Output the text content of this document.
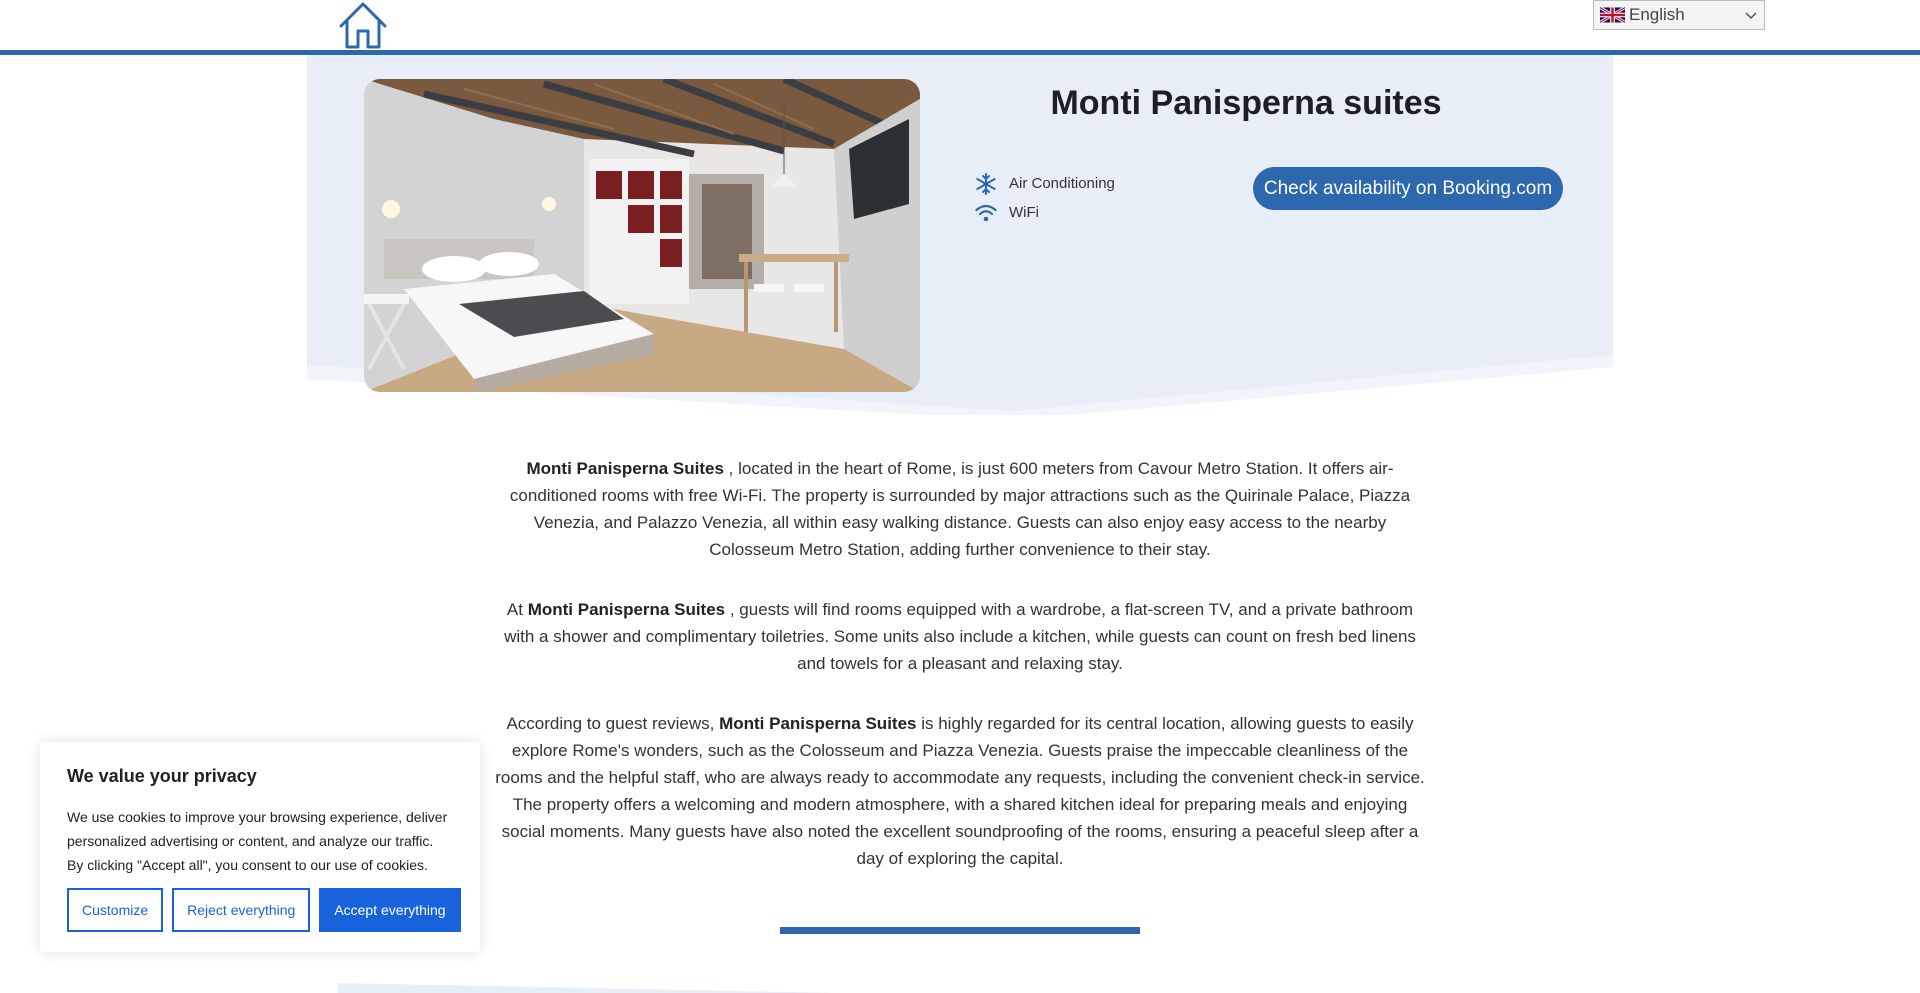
English
Monti Panisperna suites
Air Conditioning
WiFi
Check availability on Booking.com

Monti Panisperna Suites , located in the heart of Rome, is just 600 meters from Cavour Metro Station. It offers air-conditioned rooms with free Wi-Fi. The property is surrounded by major attractions such as the Quirinale Palace, Piazza Venezia, and Palazzo Venezia, all within easy walking distance. Guests can also enjoy easy access to the nearby Colosseum Metro Station, adding further convenience to their stay.

At Monti Panisperna Suites , guests will find rooms equipped with a wardrobe, a flat-screen TV, and a private bathroom with a shower and complimentary toiletries. Some units also include a kitchen, while guests can count on fresh bed linens and towels for a pleasant and relaxing stay.

According to guest reviews, Monti Panisperna Suites is highly regarded for its central location, allowing guests to easily explore Rome's wonders, such as the Colosseum and Piazza Venezia. Guests praise the impeccable cleanliness of the rooms and the helpful staff, who are always ready to accommodate any requests, including the convenient check-in service. The property offers a welcoming and modern atmosphere, with a shared kitchen ideal for preparing meals and enjoying social moments. Many guests have also noted the excellent soundproofing of the rooms, ensuring a peaceful sleep after a day of exploring the capital.

We value your privacy

We use cookies to improve your browsing experience, deliver personalized advertising or content, and analyze our traffic. By clicking "Accept all", you consent to our use of cookies.

Customize	Reject everything	Accept everything
